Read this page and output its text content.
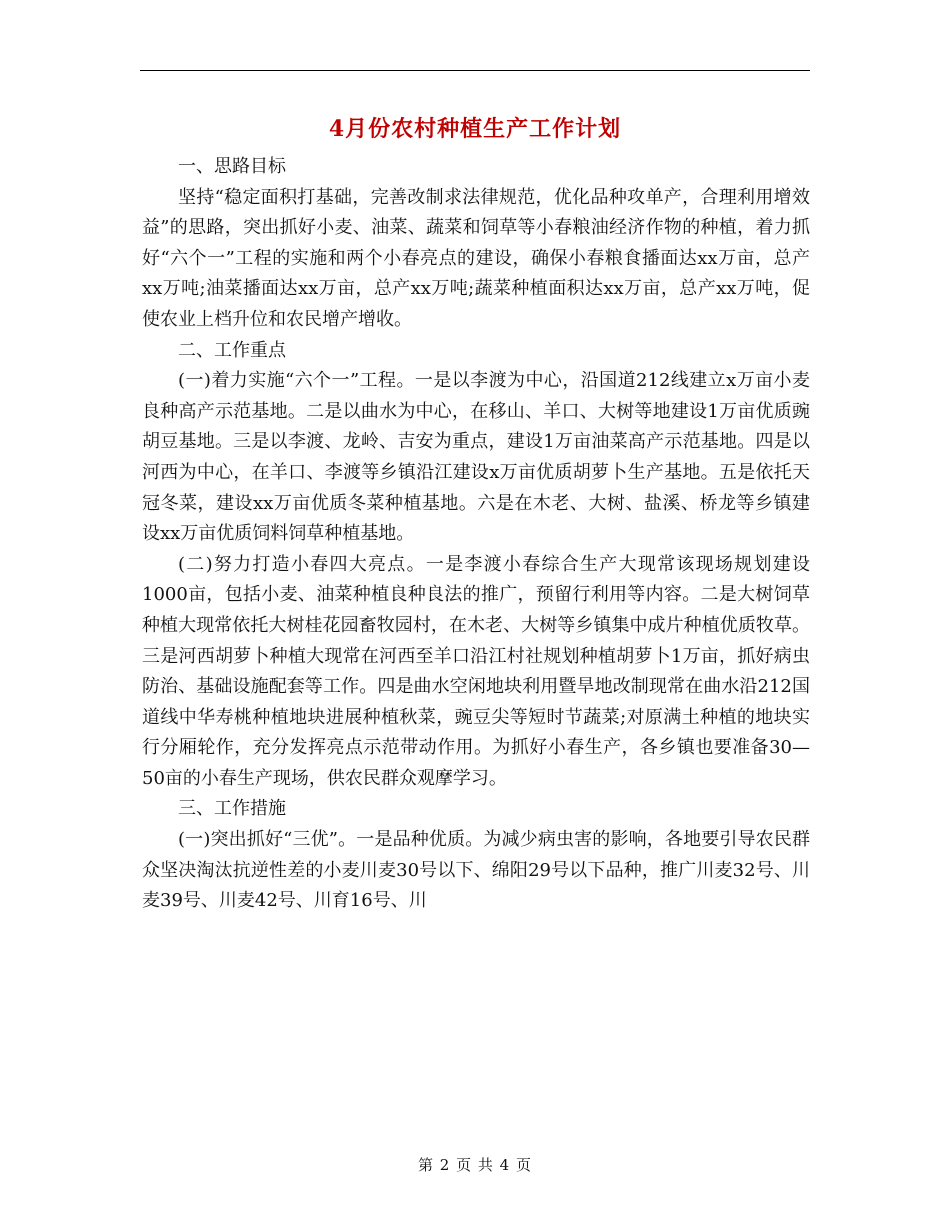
4月份农村种植生产工作计划

一、思路目标

坚持“稳定面积打基础，完善改制求法律规范，优化品种攻单产，合理利用增效益”的思路，突出抓好小麦、油菜、蔬菜和饲草等小春粮油经济作物的种植，着力抓好“六个一”工程的实施和两个小春亮点的建设，确保小春粮食播面达xx万亩，总产xx万吨;油菜播面达xx万亩，总产xx万吨;蔬菜种植面积达xx万亩，总产xx万吨，促使农业上档升位和农民增产增收。

二、工作重点

(一)着力实施“六个一”工程。一是以李渡为中心，沿国道212线建立x万亩小麦良种高产示范基地。二是以曲水为中心，在移山、羊口、大树等地建设1万亩优质豌胡豆基地。三是以李渡、龙岭、吉安为重点，建设1万亩油菜高产示范基地。四是以河西为中心，在羊口、李渡等乡镇沿江建设x万亩优质胡萝卜生产基地。五是依托天冠冬菜，建设xx万亩优质冬菜种植基地。六是在木老、大树、盐溪、桥龙等乡镇建设xx万亩优质饲料饲草种植基地。

(二)努力打造小春四大亮点。一是李渡小春综合生产大现常该现场规划建设1000亩，包括小麦、油菜种植良种良法的推广，预留行利用等内容。二是大树饲草种植大现常依托大树桂花园畜牧园村，在木老、大树等乡镇集中成片种植优质牧草。三是河西胡萝卜种植大现常在河西至羊口沿江村社规划种植胡萝卜1万亩，抓好病虫防治、基础设施配套等工作。四是曲水空闲地块利用暨旱地改制现常在曲水沿212国道线中华寿桃种植地块进展种植秋菜，豌豆尖等短时节蔬菜;对原满土种植的地块实行分厢轮作，充分发挥亮点示范带动作用。为抓好小春生产，各乡镇也要准备30—50亩的小春生产现场，供农民群众观摩学习。

三、工作措施

(一)突出抓好“三优”。一是品种优质。为减少病虫害的影响，各地要引导农民群众坚决淘汰抗逆性差的小麦川麦30号以下、绵阳29号以下品种，推广川麦32号、川麦39号、川麦42号、川育16号、川

第 2 页 共 4 页
